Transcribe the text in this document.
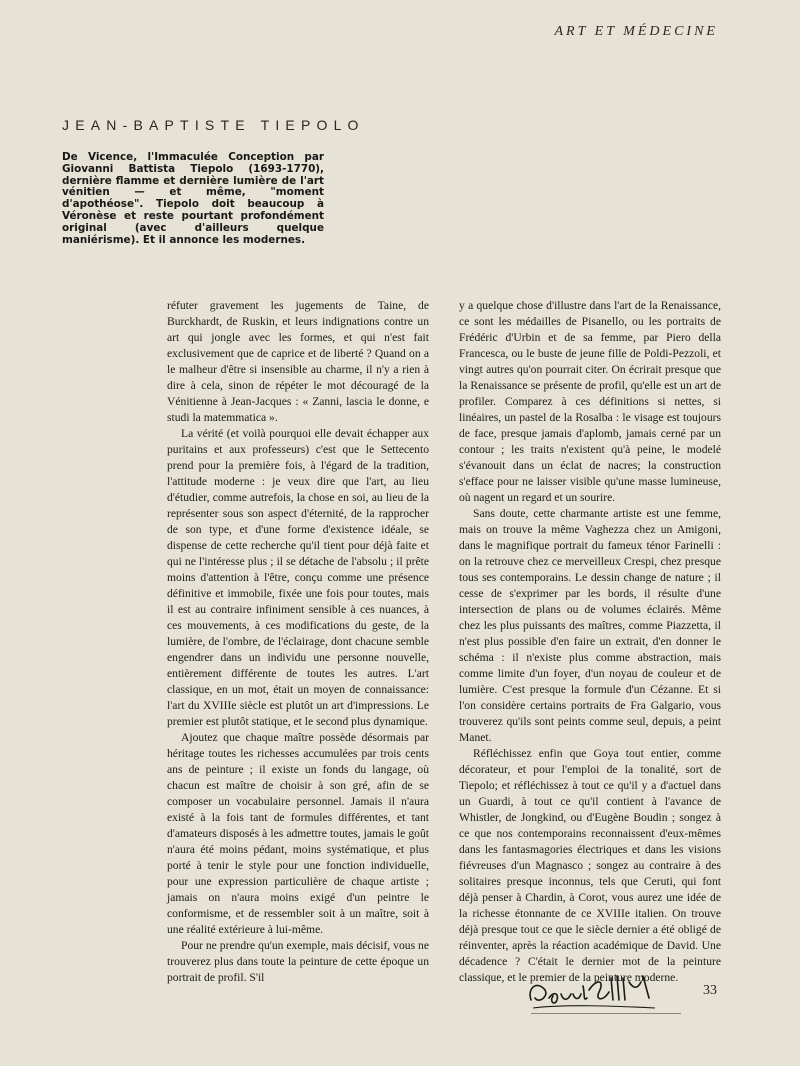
ART ET MÉDECINE
JEAN-BAPTISTE TIEPOLO
De Vicence, l'Immaculée Conception par Giovanni Battista Tiepolo (1693-1770), dernière flamme et dernière lumière de l'art vénitien — et même, "moment d'apothéose". Tiepolo doit beaucoup à Véronèse et reste pourtant profondément original (avec d'ailleurs quelque maniérisme). Et il annonce les modernes.

réfuter gravement les jugements de Taine, de Burckhardt, de Ruskin, et leurs indignations contre un art qui jongle avec les formes, et qui n'est fait exclusivement que de caprice et de liberté ? Quand on a le malheur d'être si insensible au charme, il n'y a rien à dire à cela, sinon de répéter le mot découragé de la Vénitienne à Jean-Jacques : « Zanni, lascia le donne, e studi la matemmatica ».

La vérité (et voilà pourquoi elle devait échapper aux puritains et aux professeurs) c'est que le Settecento prend pour la première fois, à l'égard de la tradition, l'attitude moderne : je veux dire que l'art, au lieu d'étudier, comme autrefois, la chose en soi, au lieu de la représenter sous son aspect d'éternité, de la rapprocher de son type, et d'une forme d'existence idéale, se dispense de cette recherche qu'il tient pour déjà faite et qui ne l'intéresse plus ; il se détache de l'absolu ; il prête moins d'attention à l'être, conçu comme une présence définitive et immobile, fixée une fois pour toutes, mais il est au contraire infiniment sensible à ces nuances, à ces mouvements, à ces modifications du geste, de la lumière, de l'ombre, de l'éclairage, dont chacune semble engendrer dans un individu une personne nouvelle, entièrement différente de toutes les autres. L'art classique, en un mot, était un moyen de connaissance: l'art du XVIIIe siècle est plutôt un art d'impressions. Le premier est plutôt statique, et le second plus dynamique.

Ajoutez que chaque maître possède désormais par héritage toutes les richesses accumulées par trois cents ans de peinture ; il existe un fonds du langage, où chacun est maître de choisir à son gré, afin de se composer un vocabulaire personnel. Jamais il n'aura existé à la fois tant de formules différentes, et tant d'amateurs disposés à les admettre toutes, jamais le goût n'aura été moins pédant, moins systématique, et plus porté à tenir le style pour une fonction individuelle, pour une expression particulière de chaque artiste ; jamais on n'aura moins exigé d'un peintre le conformisme, et de ressembler soit à un maître, soit à une réalité extérieure à lui-même.

Pour ne prendre qu'un exemple, mais décisif, vous ne trouverez plus dans toute la peinture de cette époque un portrait de profil. S'il

y a quelque chose d'illustre dans l'art de la Renaissance, ce sont les médailles de Pisanello, ou les portraits de Frédéric d'Urbin et de sa femme, par Piero della Francesca, ou le buste de jeune fille de Poldi-Pezzoli, et vingt autres qu'on pourrait citer. On écrirait presque que la Renaissance se présente de profil, qu'elle est un art de profiler. Comparez à ces définitions si nettes, si linéaires, un pastel de la Rosalba : le visage est toujours de face, presque jamais d'aplomb, jamais cerné par un contour ; les traits n'existent qu'à peine, le modelé s'évanouit dans un éclat de nacres; la construction s'efface pour ne laisser visible qu'une masse lumineuse, où nagent un regard et un sourire.

Sans doute, cette charmante artiste est une femme, mais on trouve la même Vaghezza chez un Amigoni, dans le magnifique portrait du fameux ténor Farinelli : on la retrouve chez ce merveilleux Crespi, chez presque tous ses contemporains. Le dessin change de nature ; il cesse de s'exprimer par les bords, il résulte d'une intersection de plans ou de volumes éclairés. Même chez les plus puissants des maîtres, comme Piazzetta, il n'est plus possible d'en faire un extrait, d'en donner le schéma : il n'existe plus comme abstraction, mais comme limite d'un foyer, d'un noyau de couleur et de lumière. C'est presque la formule d'un Cézanne. Et si l'on considère certains portraits de Fra Galgario, vous trouverez qu'ils sont peints comme seul, depuis, a peint Manet.

Réfléchissez enfin que Goya tout entier, comme décorateur, et pour l'emploi de la tonalité, sort de Tiepolo; et réfléchissez à tout ce qu'il y a d'actuel dans un Guardi, à tout ce qu'il contient à l'avance de Whistler, de Jongkind, ou d'Eugène Boudin ; songez à ce que nos contemporains reconnaissent d'eux-mêmes dans les fantasmagories électriques et dans les visions fiévreuses d'un Magnasco ; songez au contraire à des solitaires presque inconnus, tels que Ceruti, qui font déjà penser à Chardin, à Corot, vous aurez une idée de la richesse étonnante de ce XVIIIe italien. On trouve déjà presque tout ce que le siècle dernier a été obligé de réinventer, après la réaction académique de David. Une décadence ? C'était le dernier mot de la peinture classique, et le premier de la peinture moderne.

33
